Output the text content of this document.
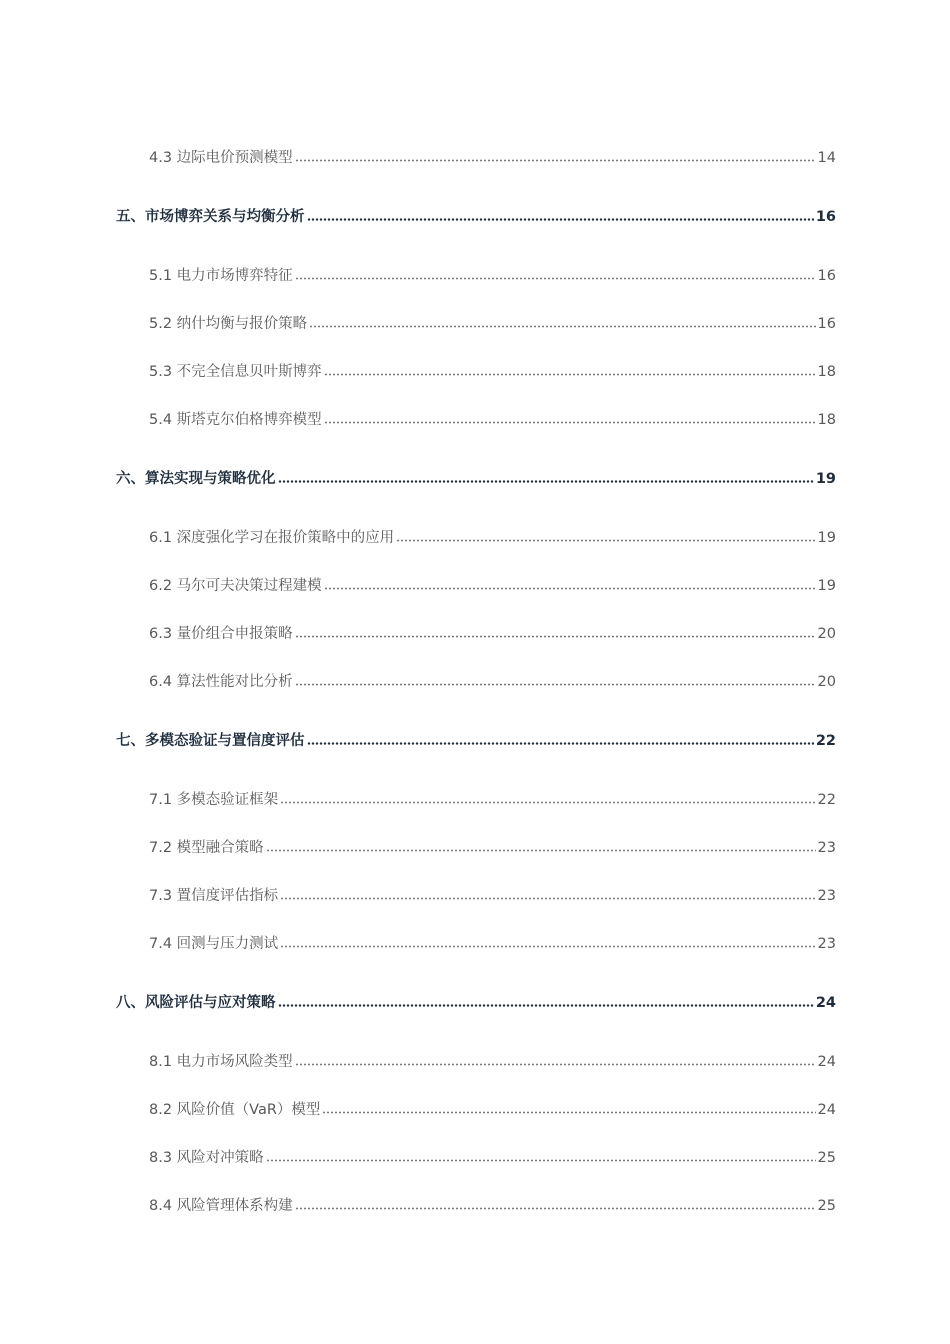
4.3 边际电价预测模型	14
五、市场博弈关系与均衡分析	16
5.1 电力市场博弈特征	16
5.2 纳什均衡与报价策略	16
5.3 不完全信息贝叶斯博弈	18
5.4 斯塔克尔伯格博弈模型	18
六、算法实现与策略优化	19
6.1 深度强化学习在报价策略中的应用	19
6.2 马尔可夫决策过程建模	19
6.3 量价组合申报策略	20
6.4 算法性能对比分析	20
七、多模态验证与置信度评估	22
7.1 多模态验证框架	22
7.2 模型融合策略	23
7.3 置信度评估指标	23
7.4 回测与压力测试	23
八、风险评估与应对策略	24
8.1 电力市场风险类型	24
8.2 风险价值（VaR）模型	24
8.3 风险对冲策略	25
8.4 风险管理体系构建	25
